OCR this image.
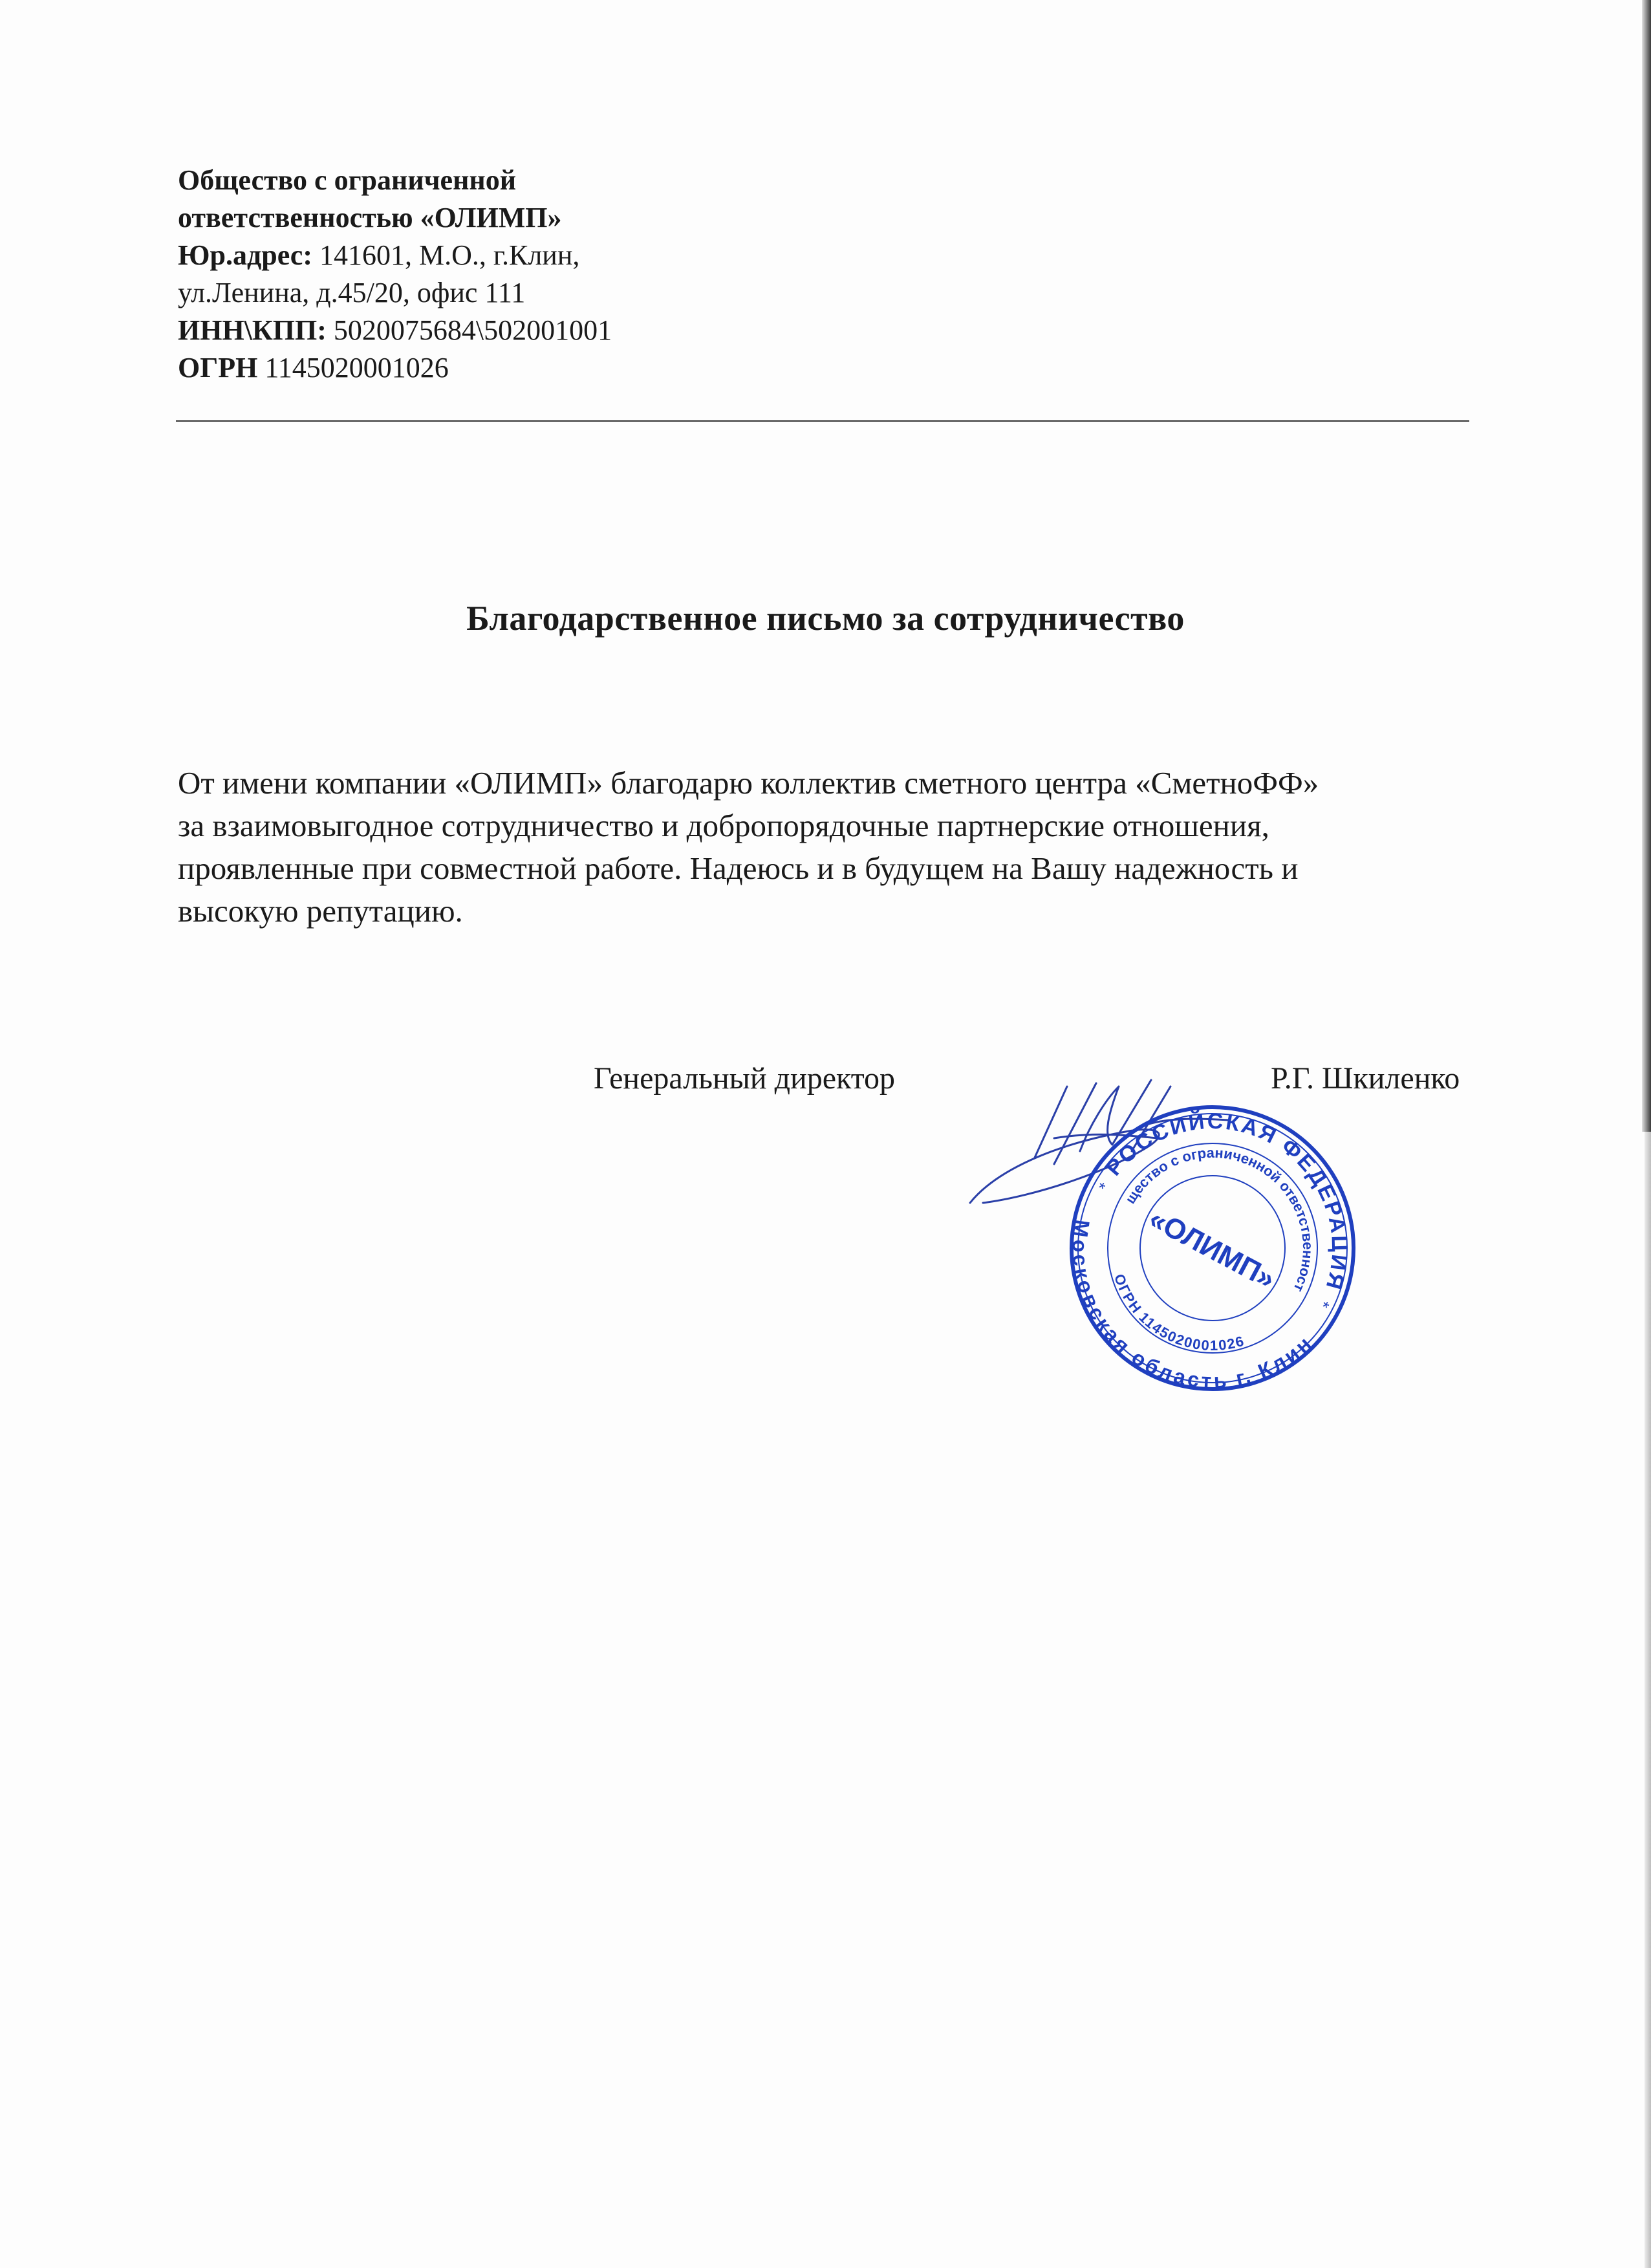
Общество с ограниченной
ответственностью «ОЛИМП»
Юр.адрес: 141601, М.О., г.Клин,
ул.Ленина, д.45/20, офис 111
ИНН\КПП: 5020075684\502001001
ОГРН 1145020001026
Благодарственное письмо за сотрудничество
От имени компании «ОЛИМП» благодарю коллектив сметного центра «СметноФФ»
за взаимовыгодное сотрудничество и добропорядочные партнерские отношения,
проявленные при совместной работе. Надеюсь и в будущем на Вашу надежность и
высокую репутацию.
Генеральный директор	Р.Г. Шкиленко
РОССИЙСКАЯ ФЕДЕРАЦИЯ
Московская область г. Клин
Общество с ограниченной ответственностью
ОГРН 1145020001026
*
*
«ОЛИМП»
